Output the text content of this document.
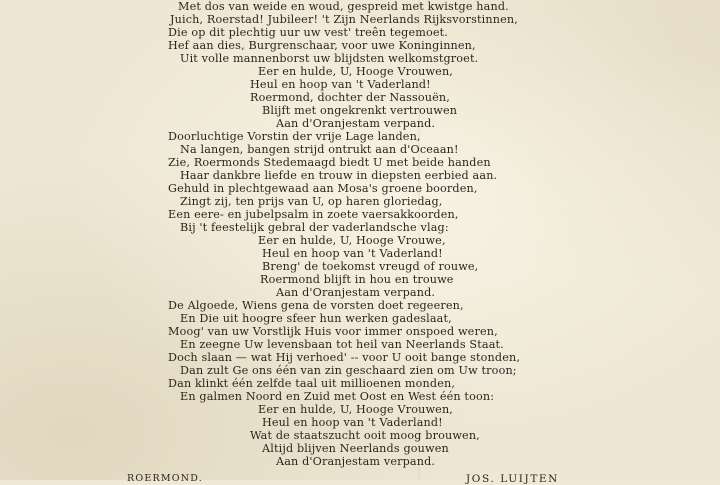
Met dos van weide en woud, gespreid met kwistge hand.
Juich, Roerstad! Jubileer! 't Zijn Neerlands Rijksvorstinnen,
Die op dit plechtig uur uw vest' treên tegemoet.
Hef aan dies, Burgrenschaar, voor uwe Koninginnen,
Uit volle mannenborst uw blijdsten welkomstgroet.
Eer en hulde, U, Hooge Vrouwen,
Heul en hoop van 't Vaderland!
Roermond, dochter der Nassouën,
Blijft met ongekrenkt vertrouwen
Aan d'Oranjestam verpand.
Doorluchtige Vorstin der vrije Lage landen,
Na langen, bangen strijd ontrukt aan d'Oceaan!
Zie, Roermonds Stedemaagd biedt U met beide handen
Haar dankbre liefde en trouw in diepsten eerbied aan.
Gehuld in plechtgewaad aan Mosa's groene boorden,
Zingt zij, ten prijs van U, op haren gloriedag,
Een eere- en jubelpsalm in zoete vaersakkoorden,
Bij 't feestelijk gebral der vaderlandsche vlag:
Eer en hulde, U, Hooge Vrouwe,
Heul en hoop van 't Vaderland!
Breng' de toekomst vreugd of rouwe,
Roermond blijft in hou en trouwe
Aan d'Oranjestam verpand.
De Algoede, Wiens gena de vorsten doet regeeren,
En Die uit hoogre sfeer hun werken gadeslaat,
Moog' van uw Vorstlijk Huis voor immer onspoed weren,
En zeegne Uw levensbaan tot heil van Neerlands Staat.
Doch slaan — wat Hij verhoed' -- voor U ooit bange stonden,
Dan zult Ge ons één van zin geschaard zien om Uw troon;
Dan klinkt één zelfde taal uit millioenen monden,
En galmen Noord en Zuid met Oost en West één toon:
Eer en hulde, U, Hooge Vrouwen,
Heul en hoop van 't Vaderland!
Wat de staatszucht ooit moog brouwen,
Altijd blijven Neerlands gouwen
Aan d'Oranjestam verpand.
ROERMOND.	JOS. LUIJTEN
